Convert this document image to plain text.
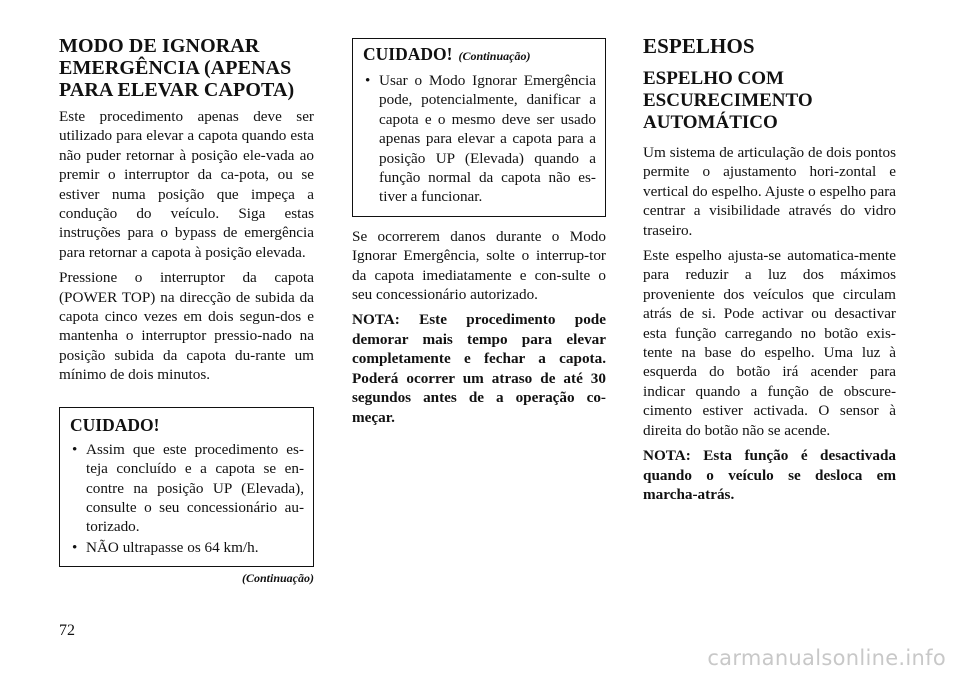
MODO DE IGNORAR EMERGÊNCIA (APENAS PARA ELEVAR CAPOTA)

Este procedimento apenas deve ser utilizado para elevar a capota quando esta não puder retornar à posição ele-vada ao premir o interruptor da ca-pota, ou se estiver numa posição que impeça a condução do veículo. Siga estas instruções para o bypass de emergência para retornar a capota à posição elevada.

Pressione o interruptor da capota (POWER TOP) na direcção de subida da capota cinco vezes em dois segun-dos e mantenha o interruptor pressio-nado na posição subida da capota du-rante um mínimo de dois minutos.

CUIDADO!
• Assim que este procedimento es-teja concluído e a capota se en-contre na posição UP (Elevada), consulte o seu concessionário au-torizado.
• NÃO ultrapasse os 64 km/h.
(Continuação)
CUIDADO! (Continuação)
• Usar o Modo Ignorar Emergência pode, potencialmente, danificar a capota e o mesmo deve ser usado apenas para elevar a capota para a posição UP (Elevada) quando a função normal da capota não es-tiver a funcionar.

Se ocorrerem danos durante o Modo Ignorar Emergência, solte o interrup-tor da capota imediatamente e con-sulte o seu concessionário autorizado.

NOTA: Este procedimento pode demorar mais tempo para elevar completamente e fechar a capota. Poderá ocorrer um atraso de até 30 segundos antes de a operação co-meçar.

ESPELHOS
ESPELHO COM ESCURECIMENTO AUTOMÁTICO

Um sistema de articulação de dois pontos permite o ajustamento hori-zontal e vertical do espelho. Ajuste o espelho para centrar a visibilidade através do vidro traseiro.

Este espelho ajusta-se automatica-mente para reduzir a luz dos máximos proveniente dos veículos que circulam atrás de si. Pode activar ou desactivar esta função carregando no botão exis-tente na base do espelho. Uma luz à esquerda do botão irá acender para indicar quando a função de obscure-cimento estiver activada. O sensor à direita do botão não se acende.

NOTA: Esta função é desactivada quando o veículo se desloca em marcha-atrás.

72
carmanualsonline.info
